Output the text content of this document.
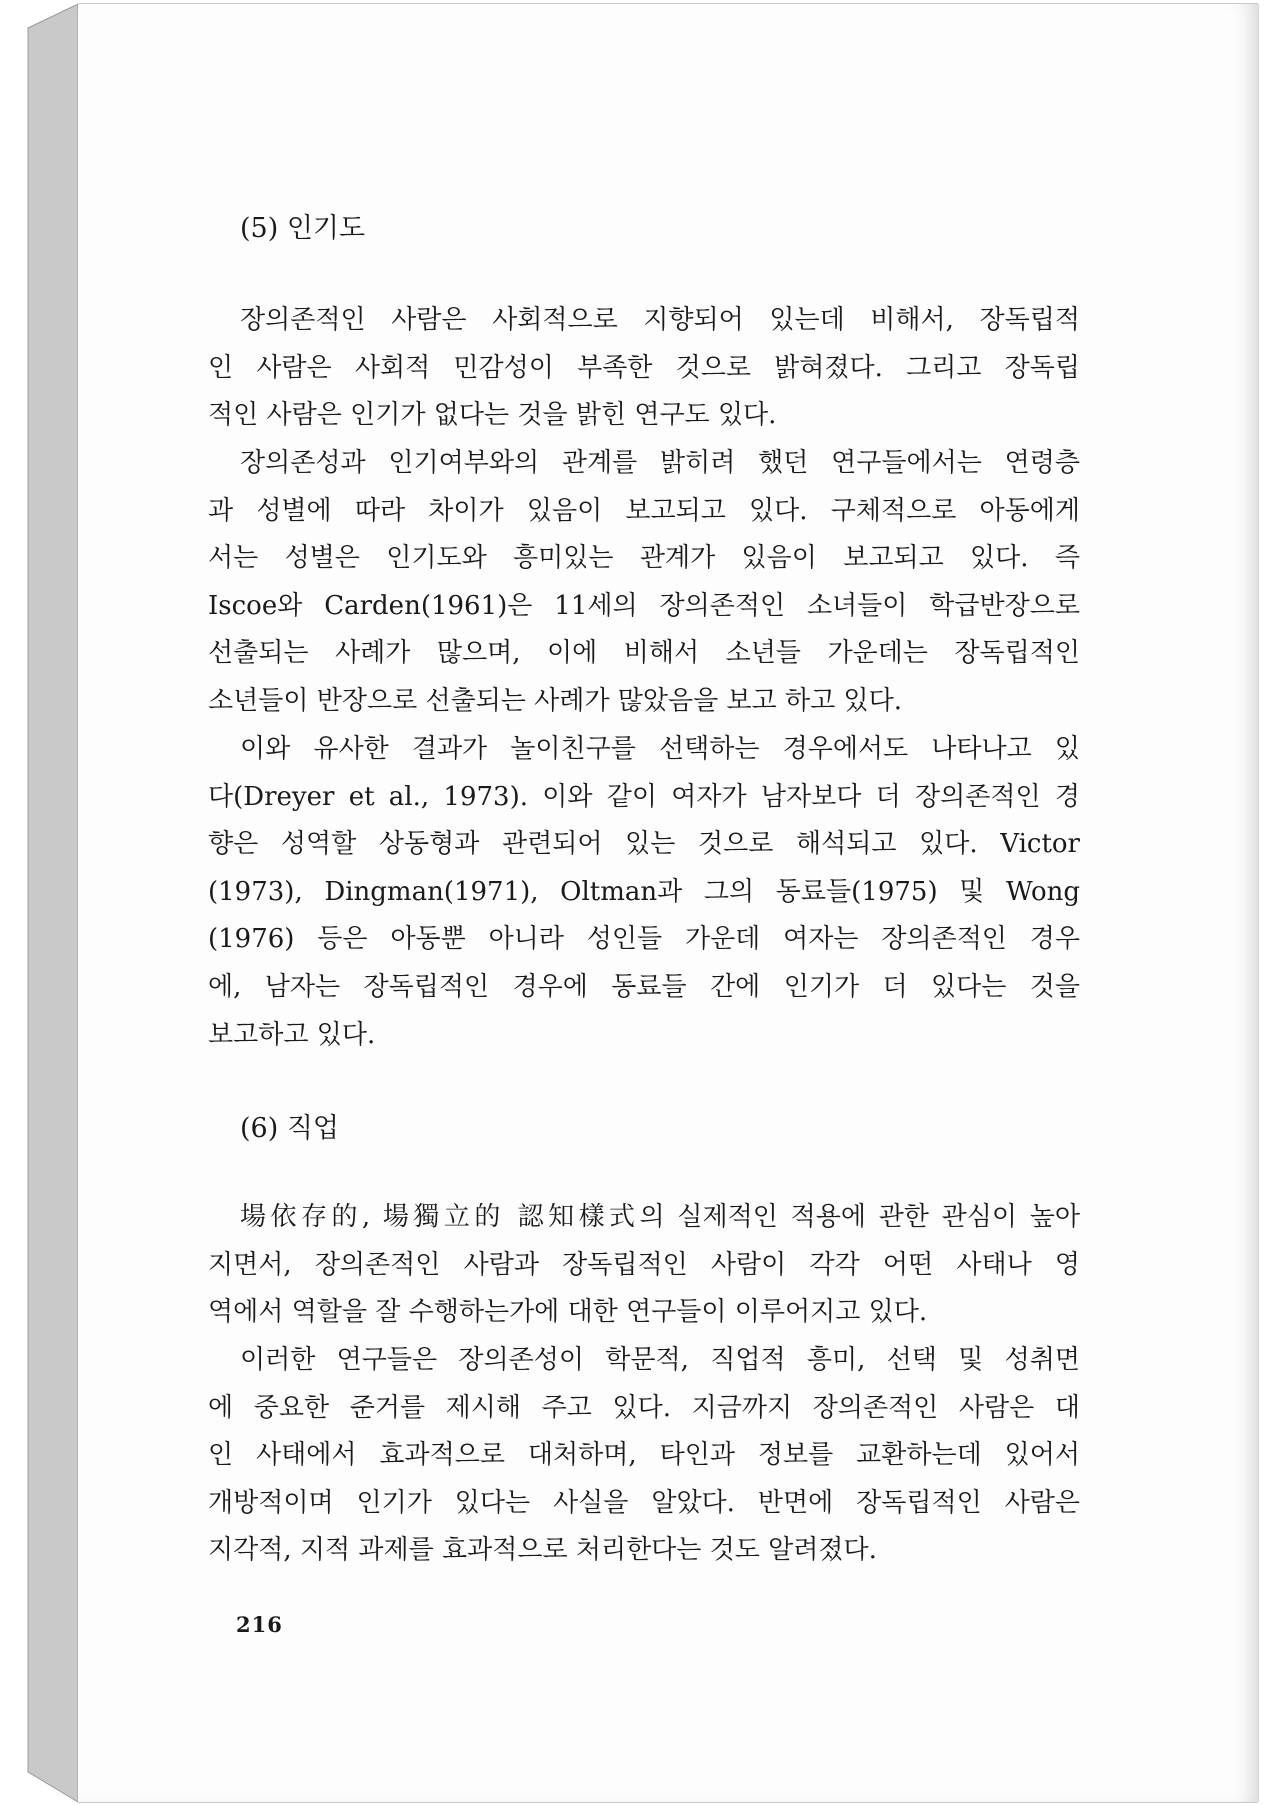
(5) 인기도
장의존적인 사람은 사회적으로 지향되어 있는데 비해서, 장독립적
인 사람은 사회적 민감성이 부족한 것으로 밝혀졌다. 그리고 장독립
적인 사람은 인기가 없다는 것을 밝힌 연구도 있다.
장의존성과 인기여부와의 관계를 밝히려 했던 연구들에서는 연령층
과 성별에 따라 차이가 있음이 보고되고 있다. 구체적으로 아동에게
서는 성별은 인기도와 흥미있는 관계가 있음이 보고되고 있다. 즉
Iscoe와 Carden(1961)은 11세의 장의존적인 소녀들이 학급반장으로
선출되는 사례가 많으며, 이에 비해서 소년들 가운데는 장독립적인
소년들이 반장으로 선출되는 사례가 많았음을 보고 하고 있다.
이와 유사한 결과가 놀이친구를 선택하는 경우에서도 나타나고 있
다(Dreyer et al., 1973). 이와 같이 여자가 남자보다 더 장의존적인 경
향은 성역할 상동형과 관련되어 있는 것으로 해석되고 있다. Victor
(1973), Dingman(1971), Oltman과 그의 동료들(1975) 및 Wong
(1976) 등은 아동뿐 아니라 성인들 가운데 여자는 장의존적인 경우
에, 남자는 장독립적인 경우에 동료들 간에 인기가 더 있다는 것을
보고하고 있다.
(6) 직업
場依存的, 場獨立的 認知樣式의 실제적인 적용에 관한 관심이 높아
지면서, 장의존적인 사람과 장독립적인 사람이 각각 어떤 사태나 영
역에서 역할을 잘 수행하는가에 대한 연구들이 이루어지고 있다.
이러한 연구들은 장의존성이 학문적, 직업적 흥미, 선택 및 성취면
에 중요한 준거를 제시해 주고 있다. 지금까지 장의존적인 사람은 대
인 사태에서 효과적으로 대처하며, 타인과 정보를 교환하는데 있어서
개방적이며 인기가 있다는 사실을 알았다. 반면에 장독립적인 사람은
지각적, 지적 과제를 효과적으로 처리한다는 것도 알려졌다.
216
